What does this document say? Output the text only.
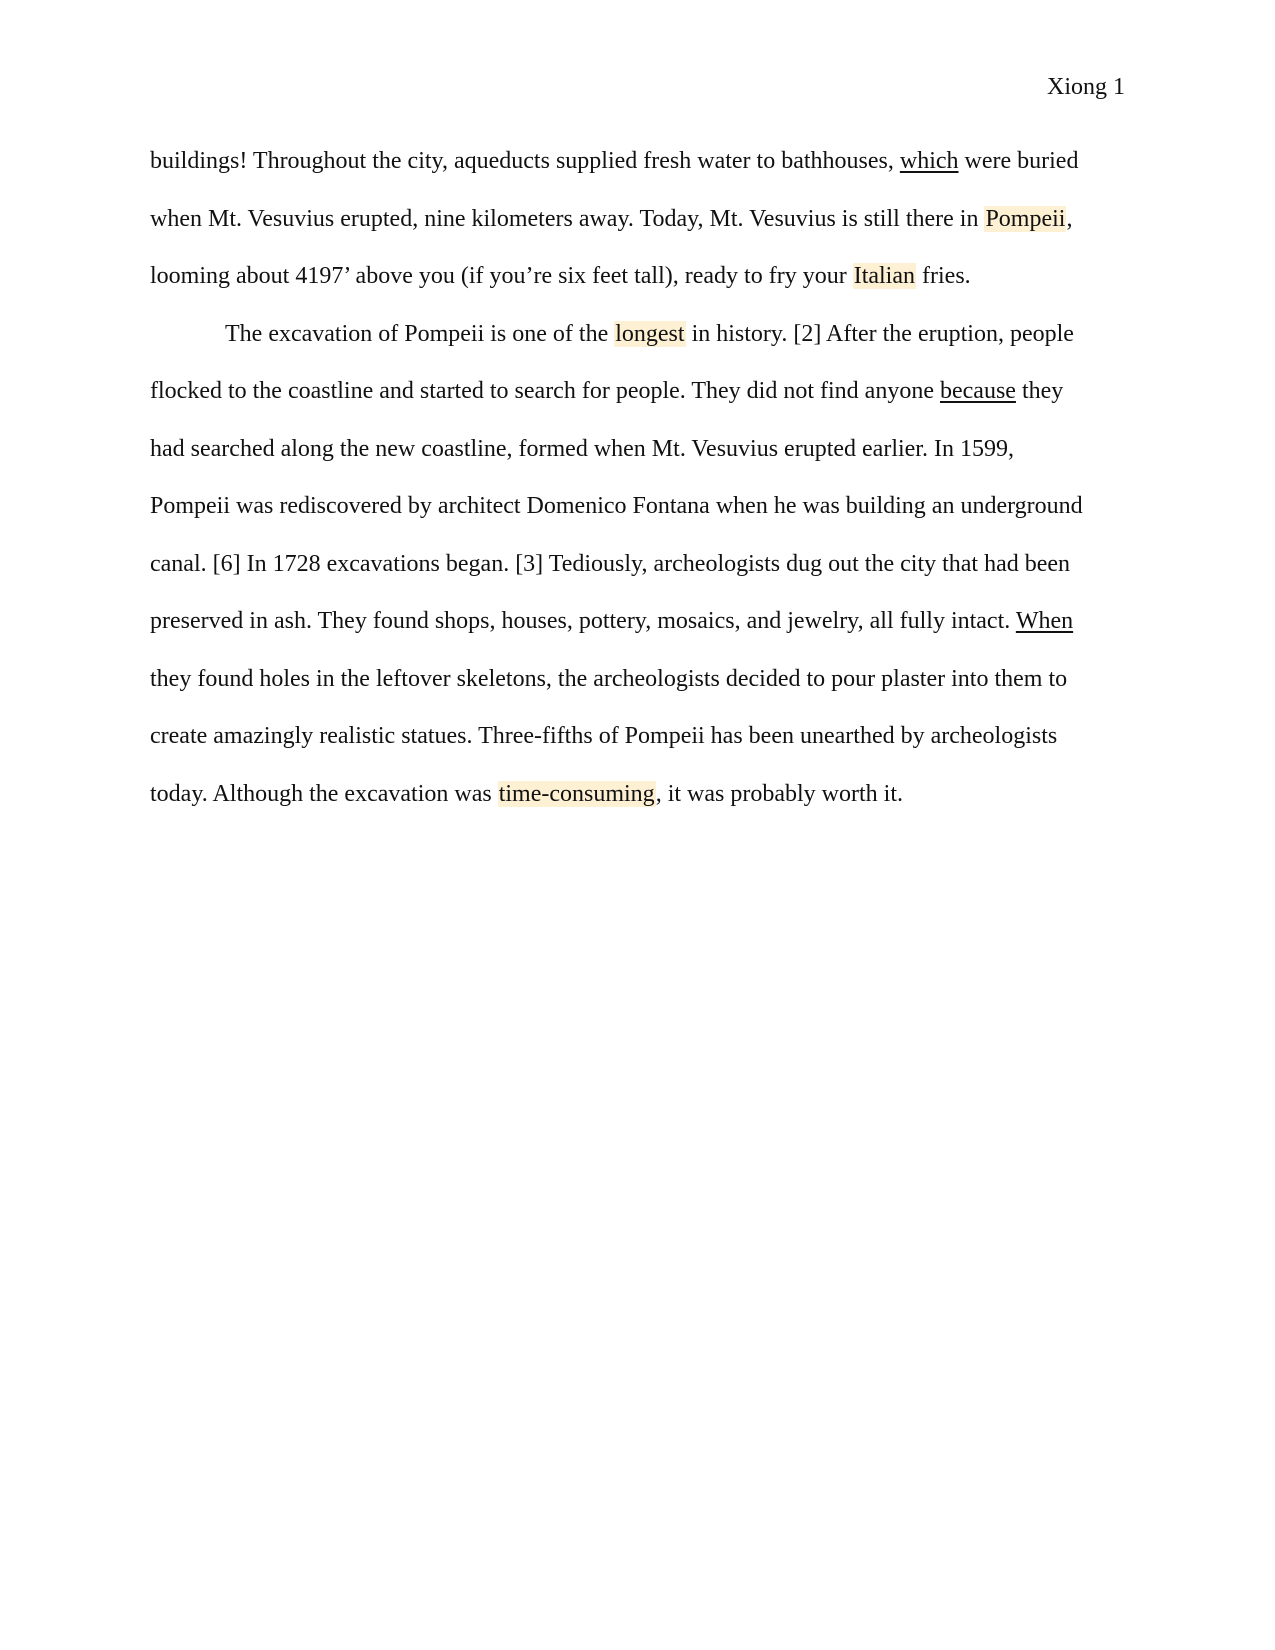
Xiong 1
buildings! Throughout the city, aqueducts supplied fresh water to bathhouses, which were buried
when Mt. Vesuvius erupted, nine kilometers away. Today, Mt. Vesuvius is still there in Pompeii,
looming about 4197’ above you (if you’re six feet tall), ready to fry your Italian fries.
The excavation of Pompeii is one of the longest in history. [2] After the eruption, people
flocked to the coastline and started to search for people. They did not find anyone because they
had searched along the new coastline, formed when Mt. Vesuvius erupted earlier. In 1599,
Pompeii was rediscovered by architect Domenico Fontana when he was building an underground
canal. [6] In 1728 excavations began. [3] Tediously, archeologists dug out the city that had been
preserved in ash. They found shops, houses, pottery, mosaics, and jewelry, all fully intact. When
they found holes in the leftover skeletons, the archeologists decided to pour plaster into them to
create amazingly realistic statues. Three-fifths of Pompeii has been unearthed by archeologists
today. Although the excavation was time-consuming, it was probably worth it.
